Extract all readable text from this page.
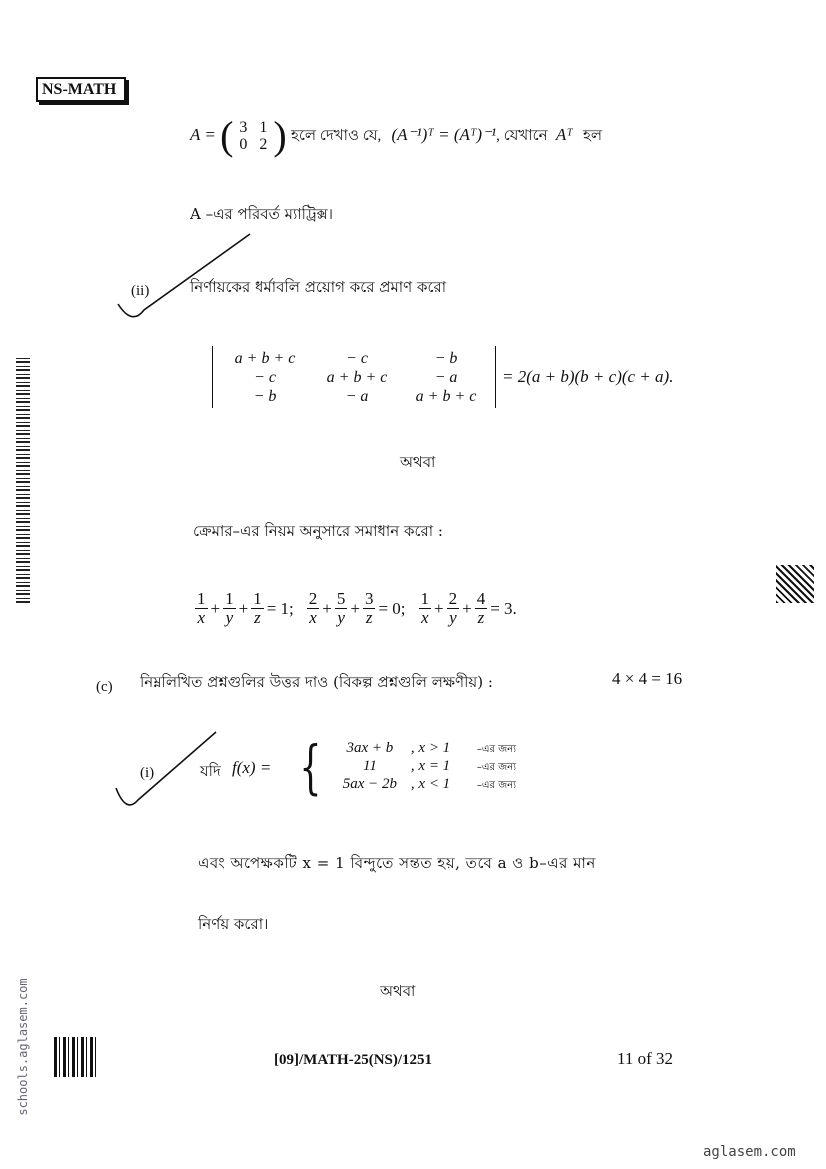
NS-MATH
A = ( 3 1
0 2 ) হলে দেখাও যে, (A⁻¹)ᵀ = (Aᵀ)⁻¹, যেখানে Aᵀ হল
A –এর পরিবর্ত ম্যাট্রিক্স।
(ii)	নির্ণায়কের ধর্মাবলি প্রয়োগ করে প্রমাণ করো
a + b + c	− c	− b
− c	a + b + c	− a
− b	− a	a + b + c
= 2(a + b)(b + c)(c + a).
অথবা
ক্রেমার–এর নিয়ম অনুসারে সমাধান করো :
$\frac{1}{x} + \frac{1}{y} + \frac{1}{z} = 1$; $\frac{2}{x} + \frac{5}{y} + \frac{3}{z} = 0$; $\frac{1}{x} + \frac{2}{y} + \frac{4}{z} = 3$.
(c) নিম্নলিখিত প্রশ্নগুলির উত্তর দাও (বিকল্প প্রশ্নগুলি লক্ষণীয়) :	4 × 4 = 16
(i)	যদি f(x) = {	3ax + b , x > 1	–এর জন্য
11 , x = 1	–এর জন্য
5ax − 2b , x < 1	–এর জন্য
এবং অপেক্ষকটি x = 1 বিন্দুতে সন্তত হয়, তবে a ও b–এর মান
নির্ণয় করো।
অথবা
schools.aglasem.com	[09]/MATH-25(NS)/1251	11 of 32
aglasem.com
